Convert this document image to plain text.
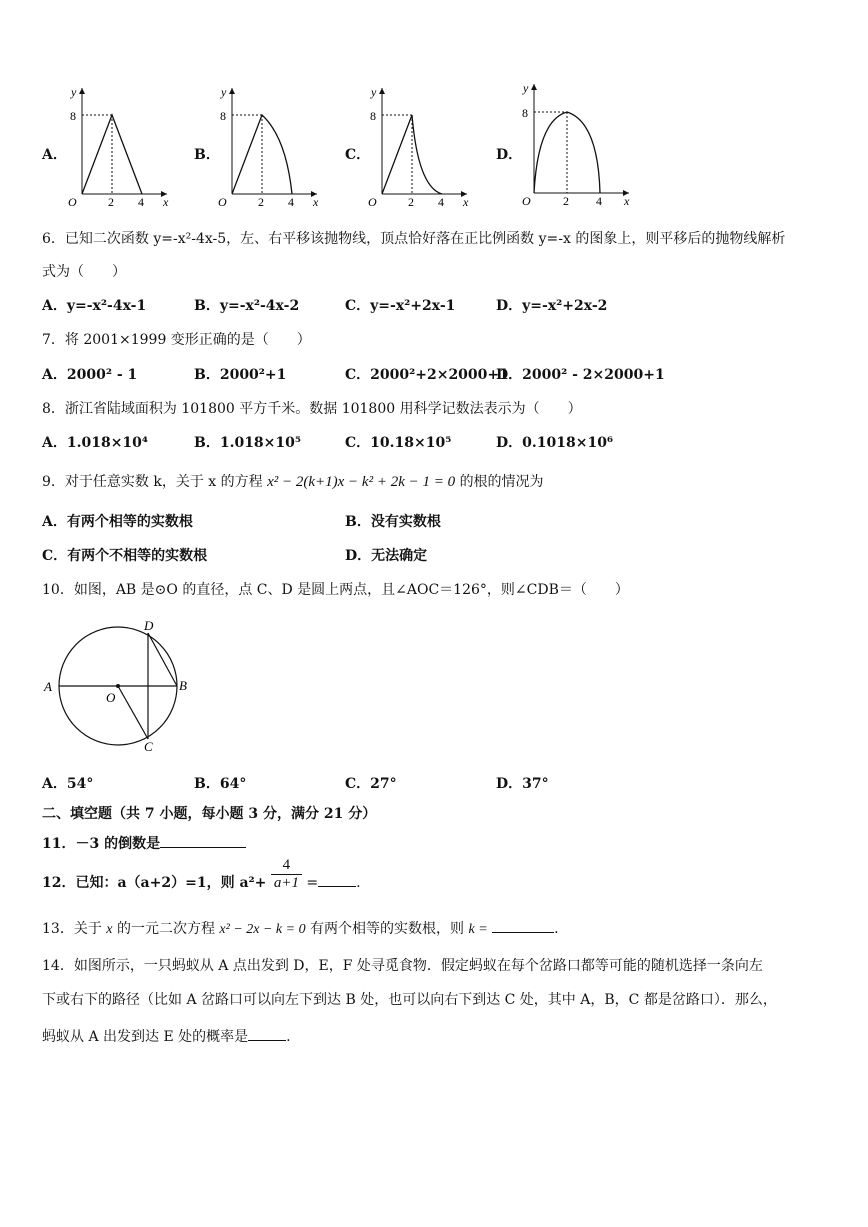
A．	B．	C．	D．
y
8
O	2 4 x
y
8
O	2 4 x
y
8
O	2 4 x
y
8
O	2 4 x
6．已知二次函数 y=-x²-4x-5，左、右平移该抛物线，顶点恰好落在正比例函数 y=-x 的图象上，则平移后的抛物线解析
式为（　　）
A．y=-x²-4x-1	B．y=-x²-4x-2	C．y=-x²+2x-1	D．y=-x²+2x-2
7．将 2001×1999 变形正确的是（　　）
A．2000² - 1	B．2000²+1	C．2000²+2×2000+1
D．2000² - 2×2000+1
8．浙江省陆域面积为 101800 平方千米。数据 101800 用科学记数法表示为（　　）
A．1.018×10⁴	B．1.018×10⁵	C．10.18×10⁵	D．0.1018×10⁶
9．对于任意实数 k，关于 x 的方程 x² − 2(k+1)x − k² + 2k − 1 = 0 的根的情况为
A．有两个相等的实数根	B．没有实数根
C．有两个不相等的实数根	D．无法确定
10．如图，AB 是⊙O 的直径，点 C、D 是圆上两点，且∠AOC＝126°，则∠CDB＝（　　）
A	B
C
D
O
A．54°	B．64°	C．27°	D．37°
二、填空题（共 7 小题，每小题 3 分，满分 21 分）
11．－3 的倒数是
12．已知：a（a+2）=1，则 $a^2+ \frac{4}{a+1}$ =	.
13．关于 x 的一元二次方程 x² − 2x − k = 0 有两个相等的实数根，则 k =	.
14．如图所示，一只蚂蚁从 A 点出发到 D，E，F 处寻觅食物．假定蚂蚁在每个岔路口都等可能的随机选择一条向左
下或右下的路径（比如 A 岔路口可以向左下到达 B 处，也可以向右下到达 C 处，其中 A，B，C 都是岔路口）．那么，
蚂蚁从 A 出发到达 E 处的概率是	.
